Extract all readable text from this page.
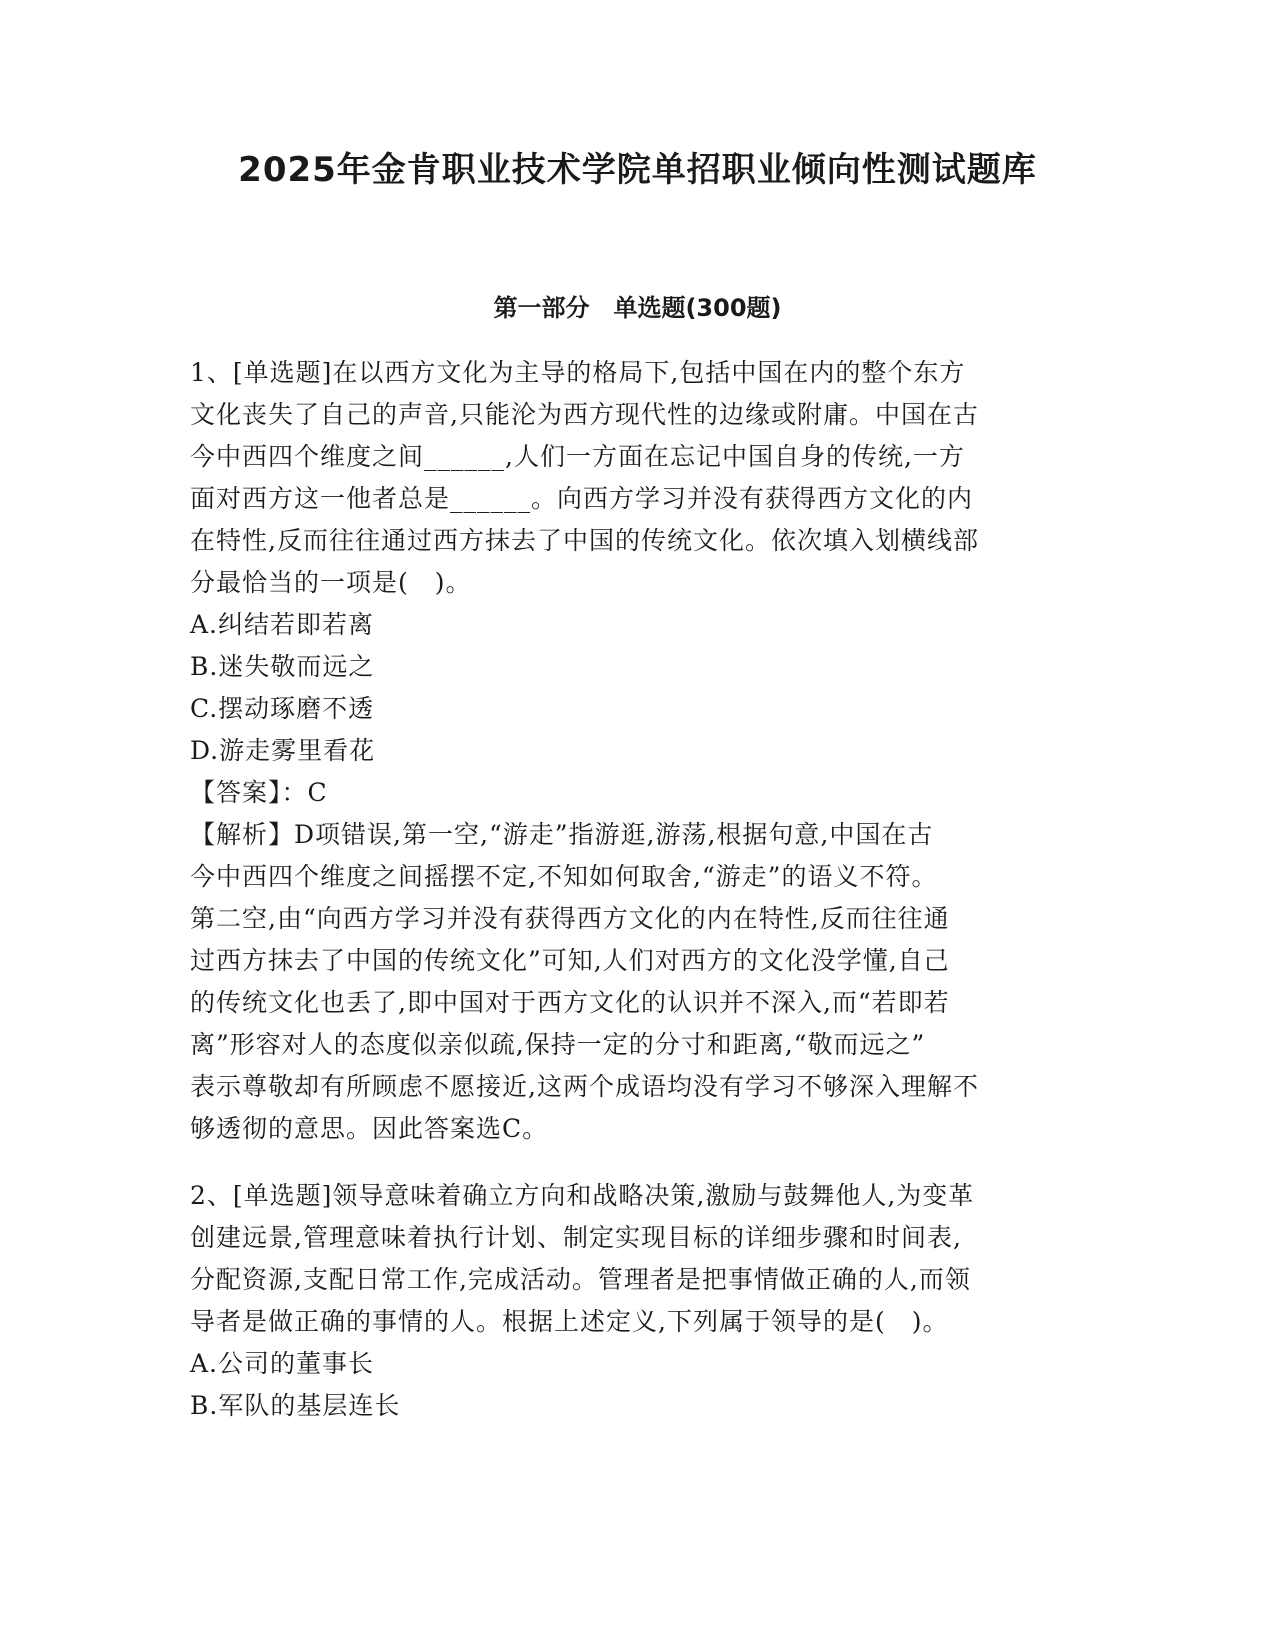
2025年金肯职业技术学院单招职业倾向性测试题库
第一部分　单选题(300题)
1、[单选题]在以西方文化为主导的格局下,包括中国在内的整个东方
文化丧失了自己的声音,只能沦为西方现代性的边缘或附庸。中国在古
今中西四个维度之间______,人们一方面在忘记中国自身的传统,一方
面对西方这一他者总是______。向西方学习并没有获得西方文化的内
在特性,反而往往通过西方抹去了中国的传统文化。依次填入划横线部
分最恰当的一项是(　)。
A.纠结若即若离
B.迷失敬而远之
C.摆动琢磨不透
D.游走雾里看花
【答案】：C
【解析】D项错误,第一空,“游走”指游逛,游荡,根据句意,中国在古
今中西四个维度之间摇摆不定,不知如何取舍,“游走”的语义不符。
第二空,由“向西方学习并没有获得西方文化的内在特性,反而往往通
过西方抹去了中国的传统文化”可知,人们对西方的文化没学懂,自己
的传统文化也丢了,即中国对于西方文化的认识并不深入,而“若即若
离”形容对人的态度似亲似疏,保持一定的分寸和距离,“敬而远之”
表示尊敬却有所顾虑不愿接近,这两个成语均没有学习不够深入理解不
够透彻的意思。因此答案选C。
2、[单选题]领导意味着确立方向和战略决策,激励与鼓舞他人,为变革
创建远景,管理意味着执行计划、制定实现目标的详细步骤和时间表,
分配资源,支配日常工作,完成活动。管理者是把事情做正确的人,而领
导者是做正确的事情的人。根据上述定义,下列属于领导的是(　)。
A.公司的董事长
B.军队的基层连长
